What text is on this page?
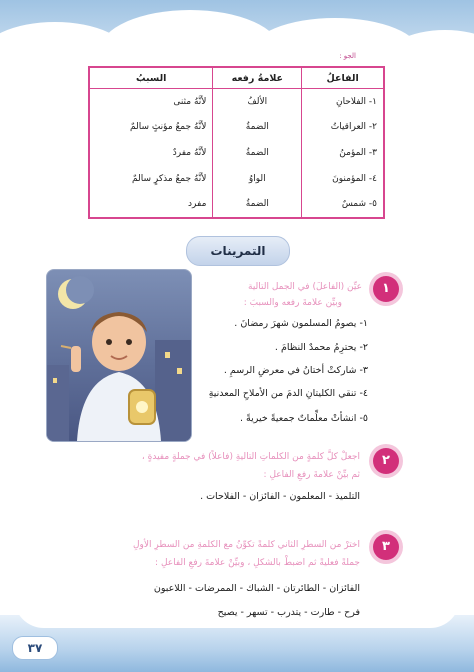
الجو :
الفاعلُ	علامةُ رفعه	السببُ
١- الفلاحانِ	الألفُ	لأنَّهُ مثنى
٢- العراقياتُ	الضمةُ	لأنَّهُ جمعُ مؤنثٍ سالمٌ
٣- المؤمنُ	الضمةُ	لأنَّهُ مفردٌ
٤- المؤمنونَ	الواوُ	لأنَّهُ جمعُ مذكرٍ سالمٌ
٥- شمسٌ	الضمةُ	مفرد
التمرينات
١
عيِّن (الفاعلَ) في الجمل التالية
وبيِّن علامةَ رفعه والسببَ :
١- يصومُ المسلمون شهرَ رمضانَ .
٢- يحترِمُ محمدٌ النظامَ .
٣- شاركتْ أختانُ في معرضِ الرسمِ .
٤- تنقي الكليتانِ الدمَ من الأملاحِ المعدنيةِ
٥- انشأتْ معلِّماتٌ جمعيةً خيريةً .
٢
اجعلْ كلَّ كلمةٍ من الكلماتِ التاليةِ (فاعلاً) في جملةٍ مفيدةٍ ،
ثم بيِّنْ علامةَ رفعِ الفاعلِ :
التلميذ - المعلمون - الفائزان - الفلاحات .
٣
اخترْ من السطرِ الثاني كلمةً تكوِّنُ مع الكلمةِ من السطرِ الأولِ
جملةً فعليةً ثم اضبطْ بالشكلِ ، وبيِّنْ علامةَ رفعِ الفاعلِ :
الفائزان - الطائرتان - الشباك - الممرضات - اللاعبون
فرح - طارت - يتدرب - تسهر - يصيح
٣٧
